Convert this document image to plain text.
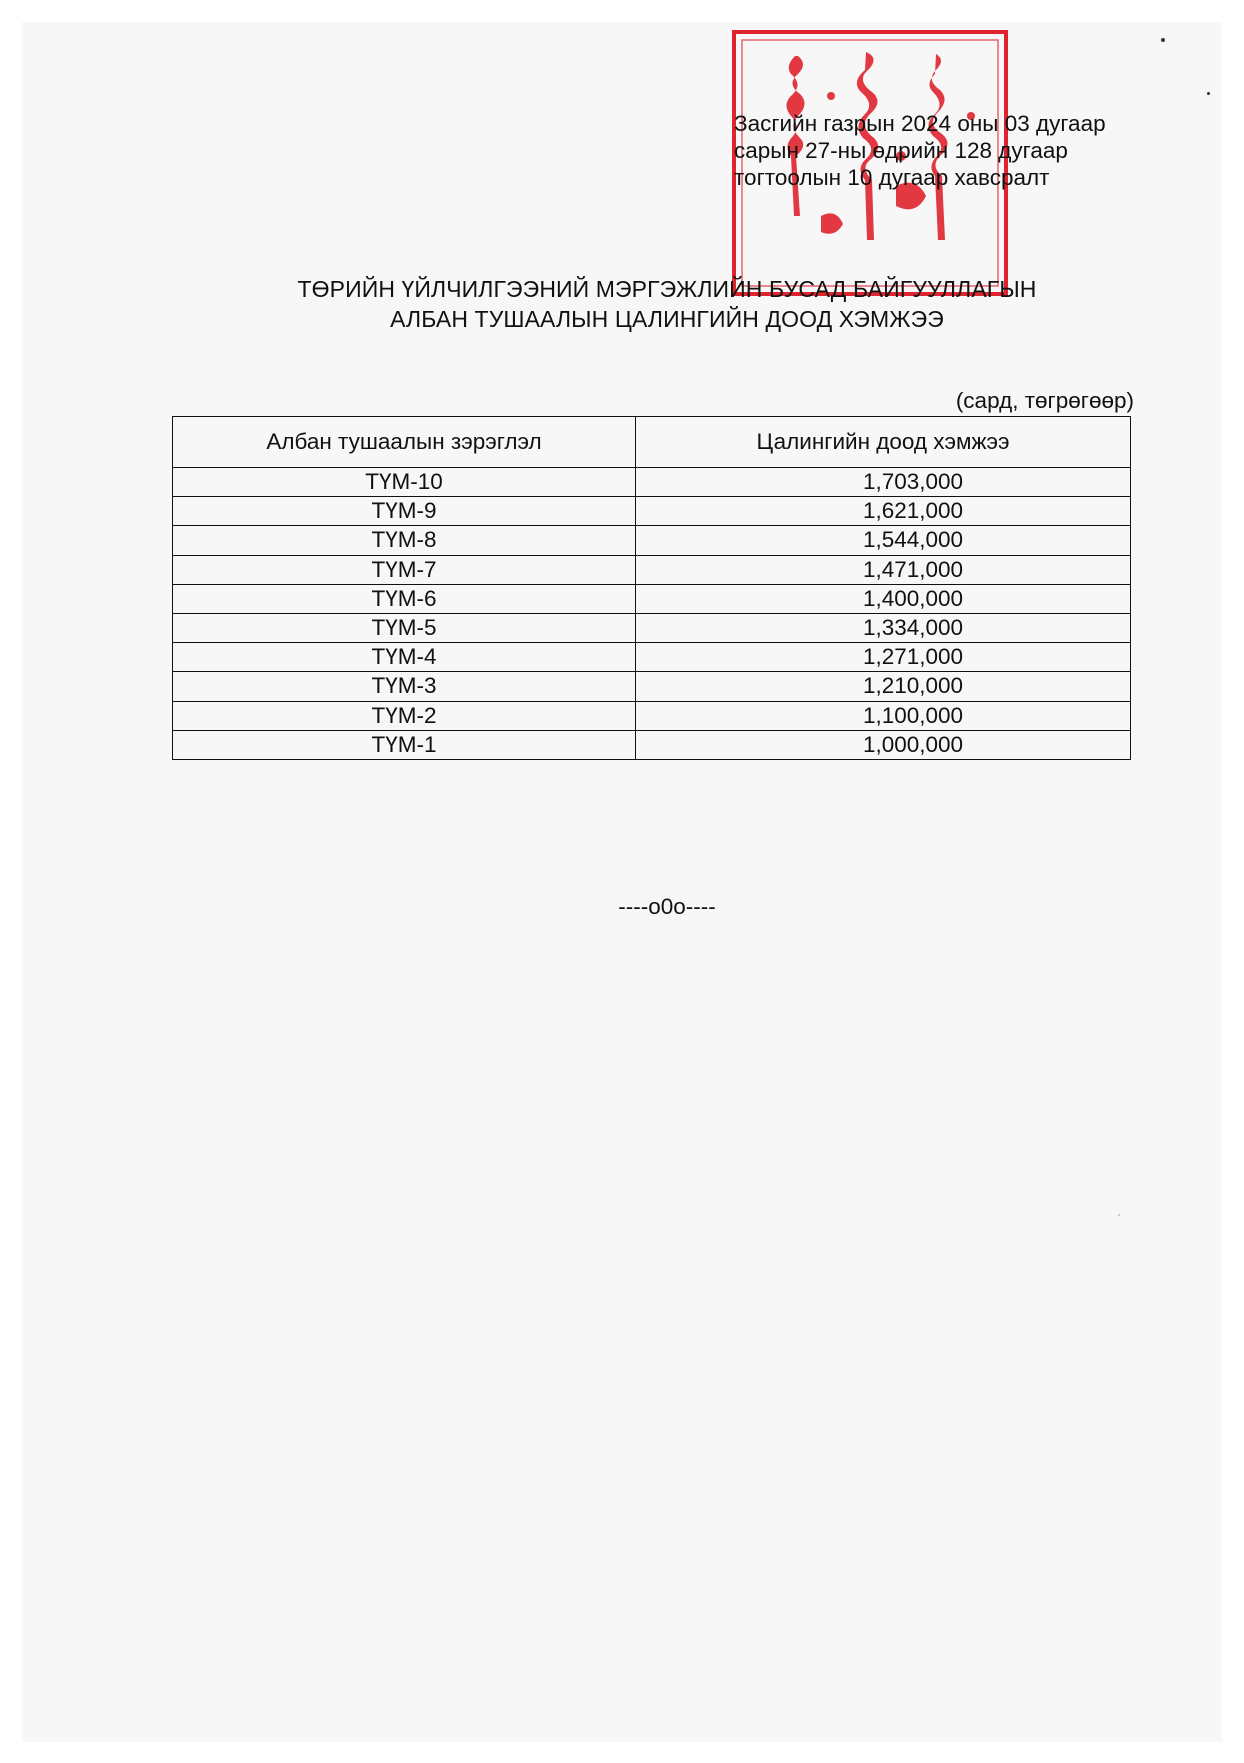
Засгийн газрын 2024 оны 03 дугаар
сарын 27-ны өдрийн 128 дугаар
тогтоолын 10 дугаар хавсралт
ТӨРИЙН ҮЙЛЧИЛГЭЭНИЙ МЭРГЭЖЛИЙН БУСАД БАЙГУУЛЛАГЫН
АЛБАН ТУШААЛЫН ЦАЛИНГИЙН ДООД ХЭМЖЭЭ
(сард, төгрөгөөр)
Албан тушаалын зэрэглэл	Цалингийн доод хэмжээ
ТҮМ-10	1,703,000
ТҮМ-9	1,621,000
ТҮМ-8	1,544,000
ТҮМ-7	1,471,000
ТҮМ-6	1,400,000
ТҮМ-5	1,334,000
ТҮМ-4	1,271,000
ТҮМ-3	1,210,000
ТҮМ-2	1,100,000
ТҮМ-1	1,000,000
----o0o----
